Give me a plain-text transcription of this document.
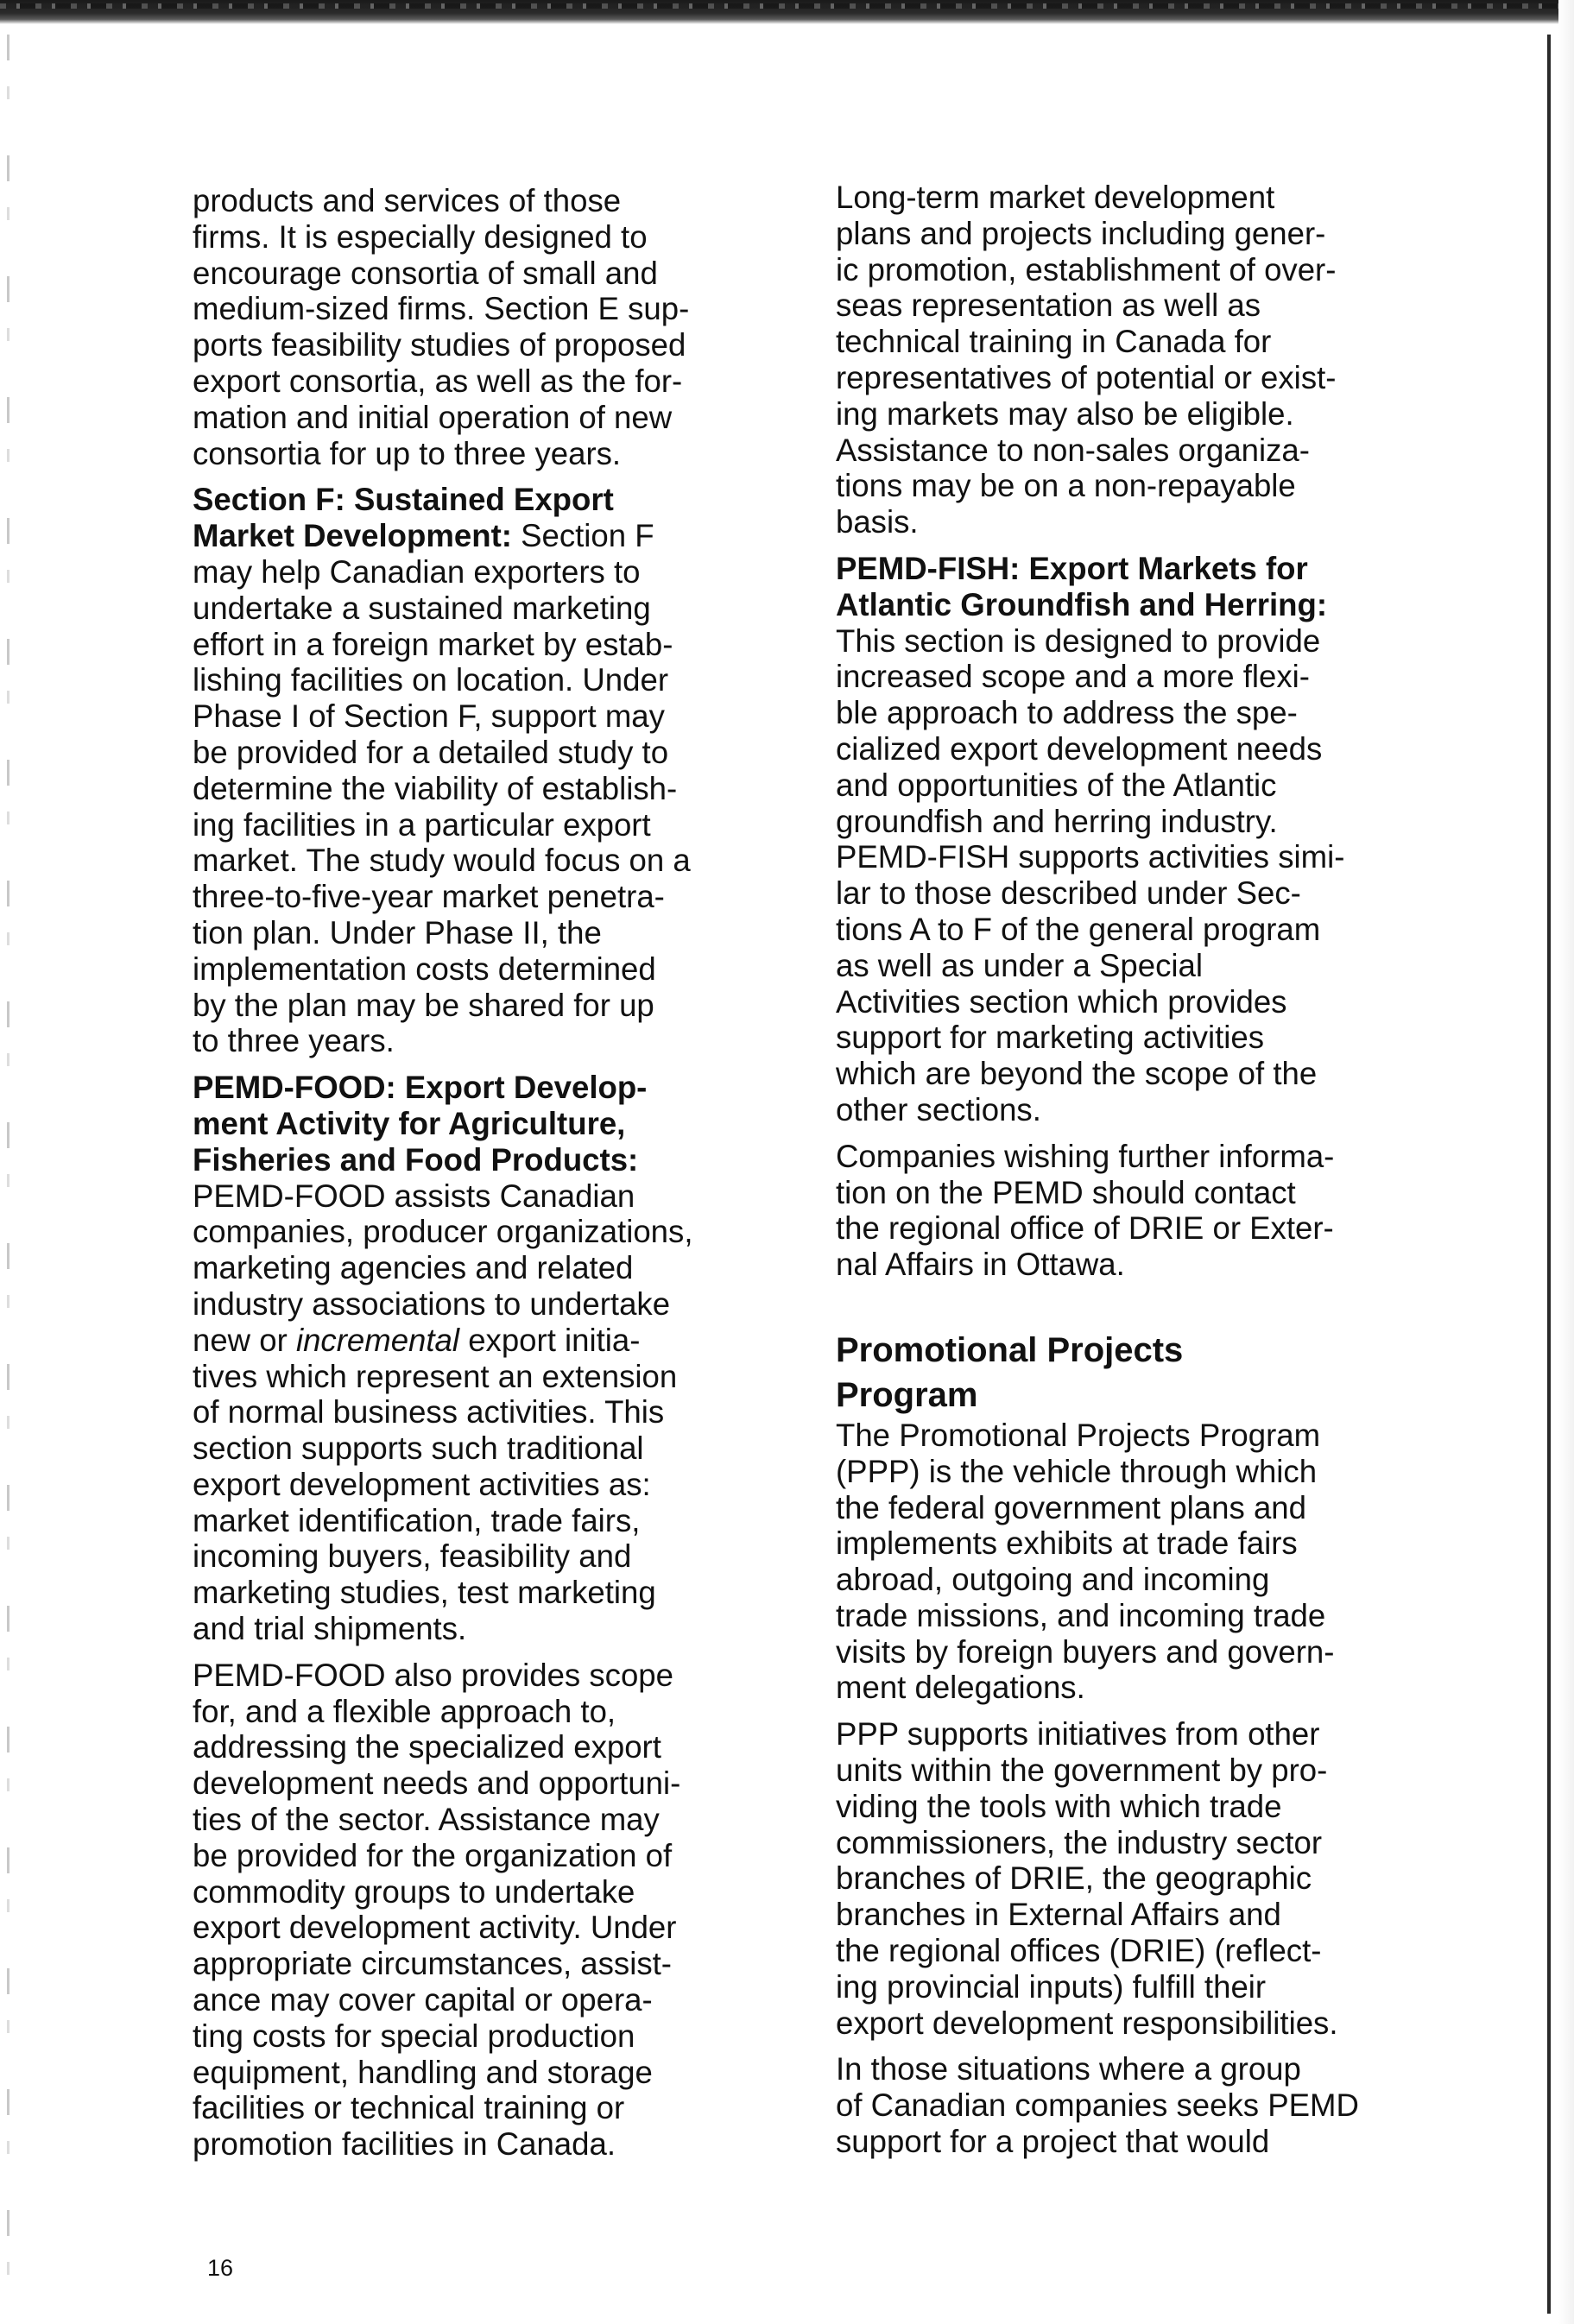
products and services of those
firms. It is especially designed to
encourage consortia of small and
medium-sized firms. Section E sup-
ports feasibility studies of proposed
export consortia, as well as the for-
mation and initial operation of new
consortia for up to three years.

Section F: Sustained Export
Market Development: Section F
may help Canadian exporters to
undertake a sustained marketing
effort in a foreign market by estab-
lishing facilities on location. Under
Phase I of Section F, support may
be provided for a detailed study to
determine the viability of establish-
ing facilities in a particular export
market. The study would focus on a
three-to-five-year market penetra-
tion plan. Under Phase II, the
implementation costs determined
by the plan may be shared for up
to three years.

PEMD-FOOD: Export Develop-
ment Activity for Agriculture,
Fisheries and Food Products:
PEMD-FOOD assists Canadian
companies, producer organizations,
marketing agencies and related
industry associations to undertake
new or incremental export initia-
tives which represent an extension
of normal business activities. This
section supports such traditional
export development activities as:
market identification, trade fairs,
incoming buyers, feasibility and
marketing studies, test marketing
and trial shipments.

PEMD-FOOD also provides scope
for, and a flexible approach to,
addressing the specialized export
development needs and opportuni-
ties of the sector. Assistance may
be provided for the organization of
commodity groups to undertake
export development activity. Under
appropriate circumstances, assist-
ance may cover capital or opera-
ting costs for special production
equipment, handling and storage
facilities or technical training or
promotion facilities in Canada.

Long-term market development
plans and projects including gener-
ic promotion, establishment of over-
seas representation as well as
technical training in Canada for
representatives of potential or exist-
ing markets may also be eligible.
Assistance to non-sales organiza-
tions may be on a non-repayable
basis.

PEMD-FISH: Export Markets for
Atlantic Groundfish and Herring:
This section is designed to provide
increased scope and a more flexi-
ble approach to address the spe-
cialized export development needs
and opportunities of the Atlantic
groundfish and herring industry.
PEMD-FISH supports activities simi-
lar to those described under Sec-
tions A to F of the general program
as well as under a Special
Activities section which provides
support for marketing activities
which are beyond the scope of the
other sections.

Companies wishing further informa-
tion on the PEMD should contact
the regional office of DRIE or Exter-
nal Affairs in Ottawa.

Promotional Projects
Program

The Promotional Projects Program
(PPP) is the vehicle through which
the federal government plans and
implements exhibits at trade fairs
abroad, outgoing and incoming
trade missions, and incoming trade
visits by foreign buyers and govern-
ment delegations.

PPP supports initiatives from other
units within the government by pro-
viding the tools with which trade
commissioners, the industry sector
branches of DRIE, the geographic
branches in External Affairs and
the regional offices (DRIE) (reflect-
ing provincial inputs) fulfill their
export development responsibilities.

In those situations where a group
of Canadian companies seeks PEMD
support for a project that would

16
